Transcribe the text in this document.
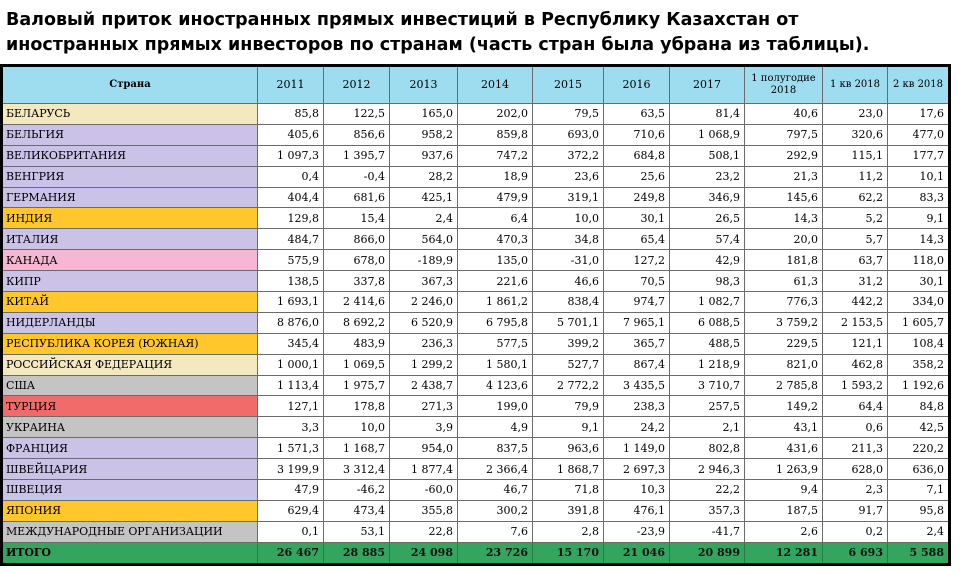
Валовый приток иностранных прямых инвестиций в Республику Казахстан от
иностранных прямых инвесторов по странам (часть стран была убрана из таблицы).
Страна	2011	2012	2013	2014	2015	2016	2017	1 полугодие 2018	1 кв 2018	2 кв 2018
БЕЛАРУСЬ	85,8	122,5	165,0	202,0	79,5	63,5	81,4	40,6	23,0	17,6
БЕЛЬГИЯ	405,6	856,6	958,2	859,8	693,0	710,6	1 068,9	797,5	320,6	477,0
ВЕЛИКОБРИТАНИЯ	1 097,3	1 395,7	937,6	747,2	372,2	684,8	508,1	292,9	115,1	177,7
ВЕНГРИЯ	0,4	-0,4	28,2	18,9	23,6	25,6	23,2	21,3	11,2	10,1
ГЕРМАНИЯ	404,4	681,6	425,1	479,9	319,1	249,8	346,9	145,6	62,2	83,3
ИНДИЯ	129,8	15,4	2,4	6,4	10,0	30,1	26,5	14,3	5,2	9,1
ИТАЛИЯ	484,7	866,0	564,0	470,3	34,8	65,4	57,4	20,0	5,7	14,3
КАНАДА	575,9	678,0	-189,9	135,0	-31,0	127,2	42,9	181,8	63,7	118,0
КИПР	138,5	337,8	367,3	221,6	46,6	70,5	98,3	61,3	31,2	30,1
КИТАЙ	1 693,1	2 414,6	2 246,0	1 861,2	838,4	974,7	1 082,7	776,3	442,2	334,0
НИДЕРЛАНДЫ	8 876,0	8 692,2	6 520,9	6 795,8	5 701,1	7 965,1	6 088,5	3 759,2	2 153,5	1 605,7
РЕСПУБЛИКА КОРЕЯ (ЮЖНАЯ)	345,4	483,9	236,3	577,5	399,2	365,7	488,5	229,5	121,1	108,4
РОССИЙСКАЯ ФЕДЕРАЦИЯ	1 000,1	1 069,5	1 299,2	1 580,1	527,7	867,4	1 218,9	821,0	462,8	358,2
США	1 113,4	1 975,7	2 438,7	4 123,6	2 772,2	3 435,5	3 710,7	2 785,8	1 593,2	1 192,6
ТУРЦИЯ	127,1	178,8	271,3	199,0	79,9	238,3	257,5	149,2	64,4	84,8
УКРАИНА	3,3	10,0	3,9	4,9	9,1	24,2	2,1	43,1	0,6	42,5
ФРАНЦИЯ	1 571,3	1 168,7	954,0	837,5	963,6	1 149,0	802,8	431,6	211,3	220,2
ШВЕЙЦАРИЯ	3 199,9	3 312,4	1 877,4	2 366,4	1 868,7	2 697,3	2 946,3	1 263,9	628,0	636,0
ШВЕЦИЯ	47,9	-46,2	-60,0	46,7	71,8	10,3	22,2	9,4	2,3	7,1
ЯПОНИЯ	629,4	473,4	355,8	300,2	391,8	476,1	357,3	187,5	91,7	95,8
МЕЖДУНАРОДНЫЕ ОРГАНИЗАЦИИ	0,1	53,1	22,8	7,6	2,8	-23,9	-41,7	2,6	0,2	2,4
ИТОГО	26 467	28 885	24 098	23 726	15 170	21 046	20 899	12 281	6 693	5 588
